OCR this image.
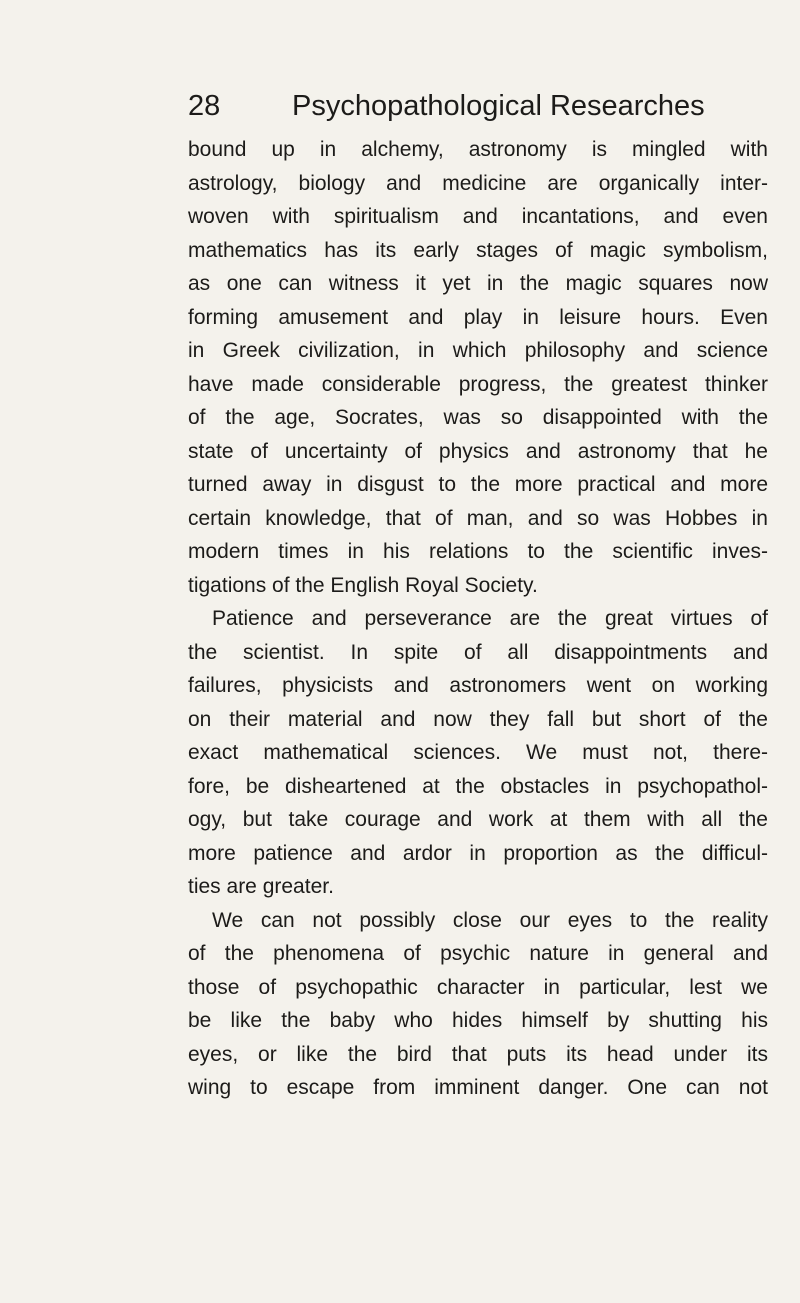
28 Psychopathological Researches
bound up in alchemy, astronomy is mingled with
astrology, biology and medicine are organically inter-
woven with spiritualism and incantations, and even
mathematics has its early stages of magic symbolism,
as one can witness it yet in the magic squares now
forming amusement and play in leisure hours. Even
in Greek civilization, in which philosophy and science
have made considerable progress, the greatest thinker
of the age, Socrates, was so disappointed with the
state of uncertainty of physics and astronomy that he
turned away in disgust to the more practical and more
certain knowledge, that of man, and so was Hobbes in
modern times in his relations to the scientific inves-
tigations of the English Royal Society.
Patience and perseverance are the great virtues of
the scientist. In spite of all disappointments and
failures, physicists and astronomers went on working
on their material and now they fall but short of the
exact mathematical sciences. We must not, there-
fore, be disheartened at the obstacles in psychopathol-
ogy, but take courage and work at them with all the
more patience and ardor in proportion as the difficul-
ties are greater.
We can not possibly close our eyes to the reality
of the phenomena of psychic nature in general and
those of psychopathic character in particular, lest we
be like the baby who hides himself by shutting his
eyes, or like the bird that puts its head under its
wing to escape from imminent danger. One can not
